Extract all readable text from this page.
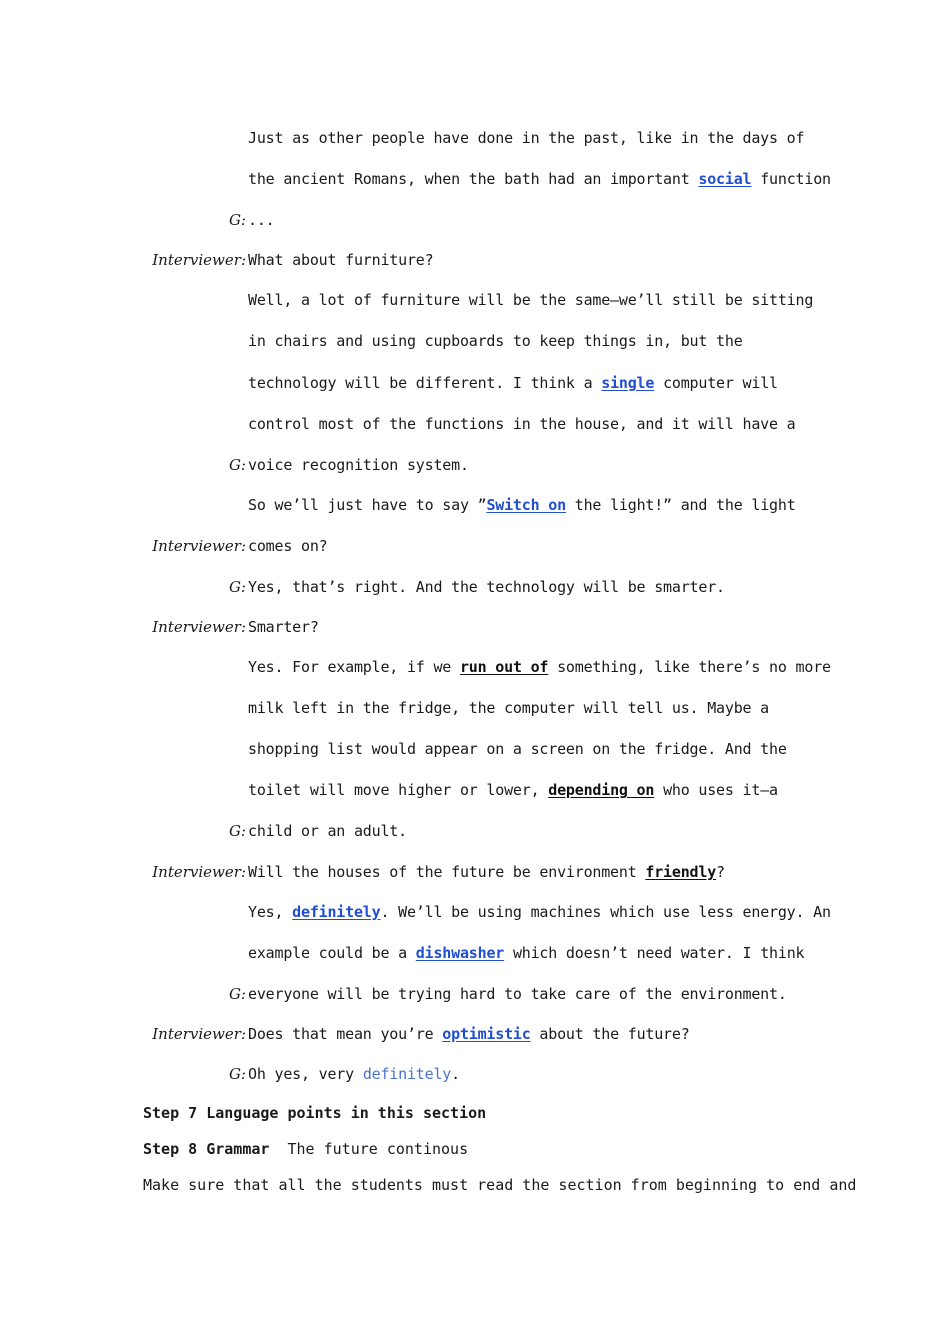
Just as other people have done in the past, like in the days of
the ancient Romans, when the bath had an important social function
G: ...
Interviewer: What about furniture?
Well, a lot of furniture will be the same—we’ll still be sitting
in chairs and using cupboards to keep things in, but the
technology will be different. I think a single computer will
control most of the functions in the house, and it will have a
G: voice recognition system.
So we’ll just have to say ”Switch on the light!” and the light
Interviewer: comes on?
G: Yes, that’s right. And the technology will be smarter.
Interviewer: Smarter?
Yes. For example, if we run out of something, like there’s no more
milk left in the fridge, the computer will tell us. Maybe a
shopping list would appear on a screen on the fridge. And the
toilet will move higher or lower, depending on who uses it—a
G: child or an adult.
Interviewer: Will the houses of the future be environment friendly?
Yes, definitely. We’ll be using machines which use less energy. An
example could be a dishwasher which doesn’t need water. I think
G: everyone will be trying hard to take care of the environment.
Interviewer: Does that mean you’re optimistic about the future?
G: Oh yes, very definitely.
Step 7 Language points in this section
Step 8 Grammar  The future continous
Make sure that all the students must read the section from beginning to end and
